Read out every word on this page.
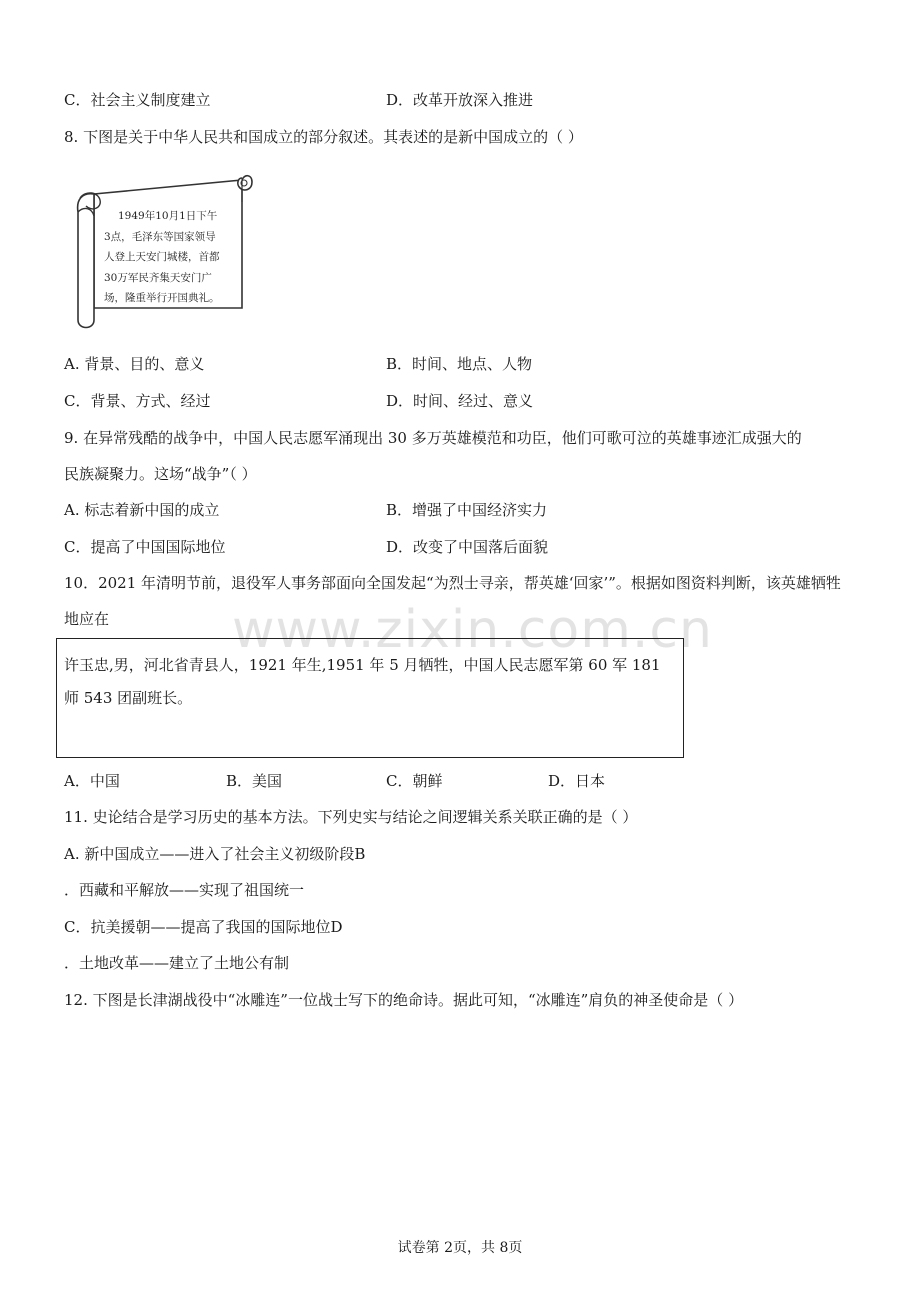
www.zixin.com.cn
C．社会主义制度建立	D．改革开放深入推进
8. 下图是关于中华人民共和国成立的部分叙述。其表述的是新中国成立的（ ）
1949年10月1日下午
3点，毛泽东等国家领导
人登上天安门城楼，首都
30万军民齐集天安门广
场，隆重举行开国典礼。
A. 背景、目的、意义	B．时间、地点、人物
C．背景、方式、经过	D．时间、经过、意义
9. 在异常残酷的战争中，中国人民志愿军涌现出 30 多万英雄模范和功臣，他们可歌可泣的英雄事迹汇成强大的
民族凝聚力。这场“战争”（ ）
A. 标志着新中国的成立	B．增强了中国经济实力
C．提高了中国国际地位	D．改变了中国落后面貌
10．2021 年清明节前，退役军人事务部面向全国发起“为烈士寻亲，帮英雄‘回家’”。根据如图资料判断，该英雄牺牲
地应在
许玉忠,男，河北省青县人，1921 年生,1951 年 5 月牺牲，中国人民志愿军第 60 军 181
师 543 团副班长。
A．中国	B．美国	C．朝鲜	D．日本
11. 史论结合是学习历史的基本方法。下列史实与结论之间逻辑关系关联正确的是（ ）
A. 新中国成立——进入了社会主义初级阶段B
．西藏和平解放——实现了祖国统一
C．抗美援朝——提高了我国的国际地位D
．土地改革——建立了土地公有制
12. 下图是长津湖战役中“冰雕连”一位战士写下的绝命诗。据此可知，“冰雕连”肩负的神圣使命是（ ）
试卷第 2页，共 8页
